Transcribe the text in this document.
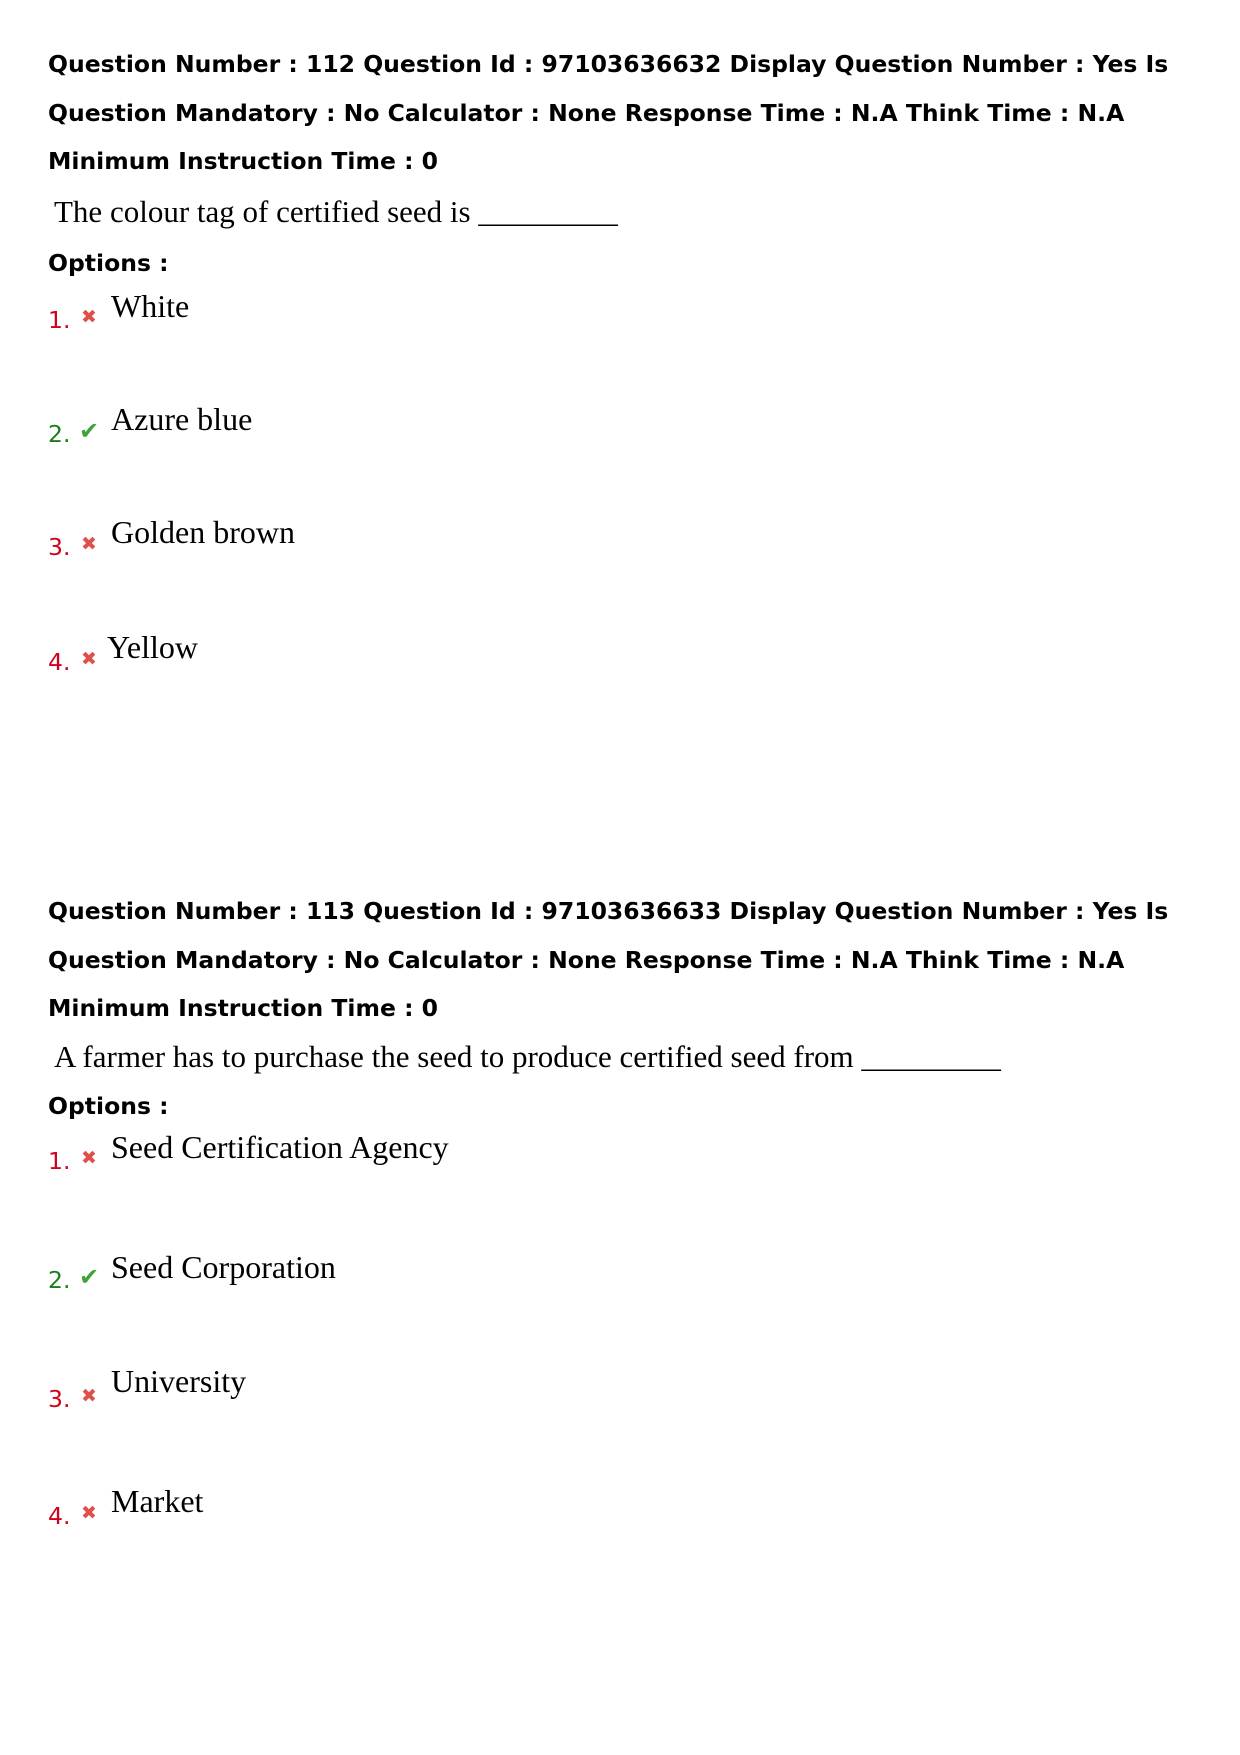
Question Number : 112 Question Id : 97103636632 Display Question Number : Yes Is Question Mandatory : No Calculator : None Response Time : N.A Think Time : N.A Minimum Instruction Time : 0

The colour tag of certified seed is _________

Options :

1. ✖ White
2. ✔ Azure blue
3. ✖ Golden brown
4. ✖ Yellow

Question Number : 113 Question Id : 97103636633 Display Question Number : Yes Is Question Mandatory : No Calculator : None Response Time : N.A Think Time : N.A Minimum Instruction Time : 0

A farmer has to purchase the seed to produce certified seed from _________

Options :

1. ✖ Seed Certification Agency
2. ✔ Seed Corporation
3. ✖ University
4. ✖ Market
